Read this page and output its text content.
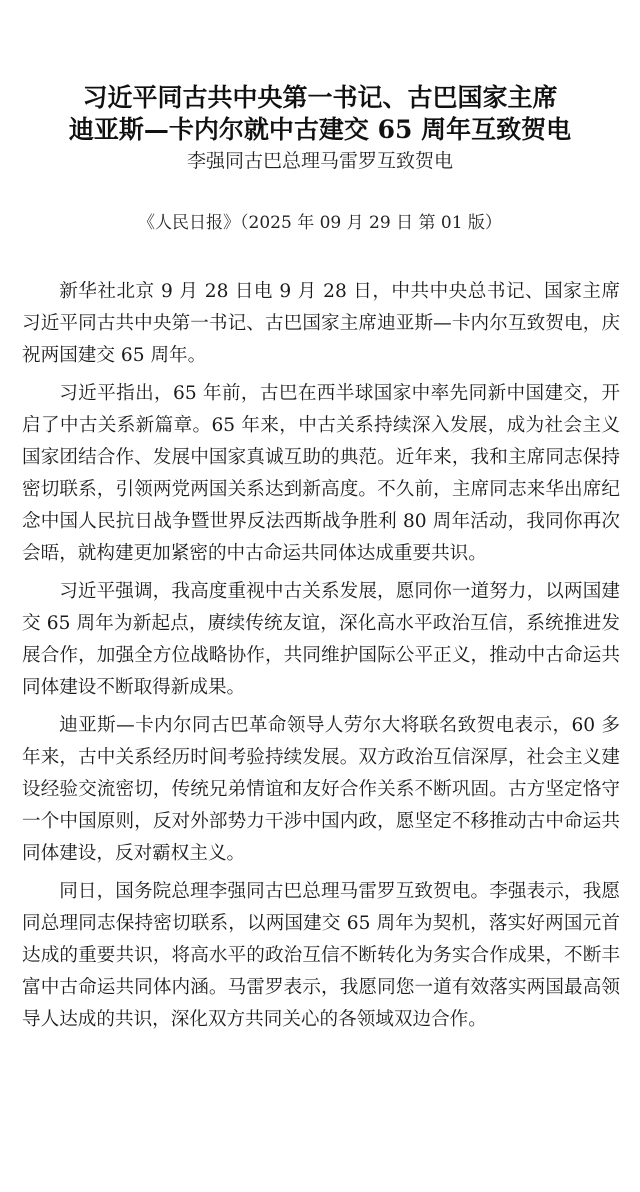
习近平同古共中央第一书记、古巴国家主席
迪亚斯—卡内尔就中古建交 65 周年互致贺电
李强同古巴总理马雷罗互致贺电
《人民日报》（2025 年 09 月 29 日 第 01 版）

新华社北京 9 月 28 日电 9 月 28 日，中共中央总书记、国家主席习近平同古共中央第一书记、古巴国家主席迪亚斯—卡内尔互致贺电，庆祝两国建交 65 周年。

习近平指出，65 年前，古巴在西半球国家中率先同新中国建交，开启了中古关系新篇章。65 年来，中古关系持续深入发展，成为社会主义国家团结合作、发展中国家真诚互助的典范。近年来，我和主席同志保持密切联系，引领两党两国关系达到新高度。不久前，主席同志来华出席纪念中国人民抗日战争暨世界反法西斯战争胜利 80 周年活动，我同你再次会晤，就构建更加紧密的中古命运共同体达成重要共识。

习近平强调，我高度重视中古关系发展，愿同你一道努力，以两国建交 65 周年为新起点，赓续传统友谊，深化高水平政治互信，系统推进发展合作，加强全方位战略协作，共同维护国际公平正义，推动中古命运共同体建设不断取得新成果。

迪亚斯—卡内尔同古巴革命领导人劳尔大将联名致贺电表示，60 多年来，古中关系经历时间考验持续发展。双方政治互信深厚，社会主义建设经验交流密切，传统兄弟情谊和友好合作关系不断巩固。古方坚定恪守一个中国原则，反对外部势力干涉中国内政，愿坚定不移推动古中命运共同体建设，反对霸权主义。

同日，国务院总理李强同古巴总理马雷罗互致贺电。李强表示，我愿同总理同志保持密切联系，以两国建交 65 周年为契机，落实好两国元首达成的重要共识，将高水平的政治互信不断转化为务实合作成果，不断丰富中古命运共同体内涵。马雷罗表示，我愿同您一道有效落实两国最高领导人达成的共识，深化双方共同关心的各领域双边合作。
